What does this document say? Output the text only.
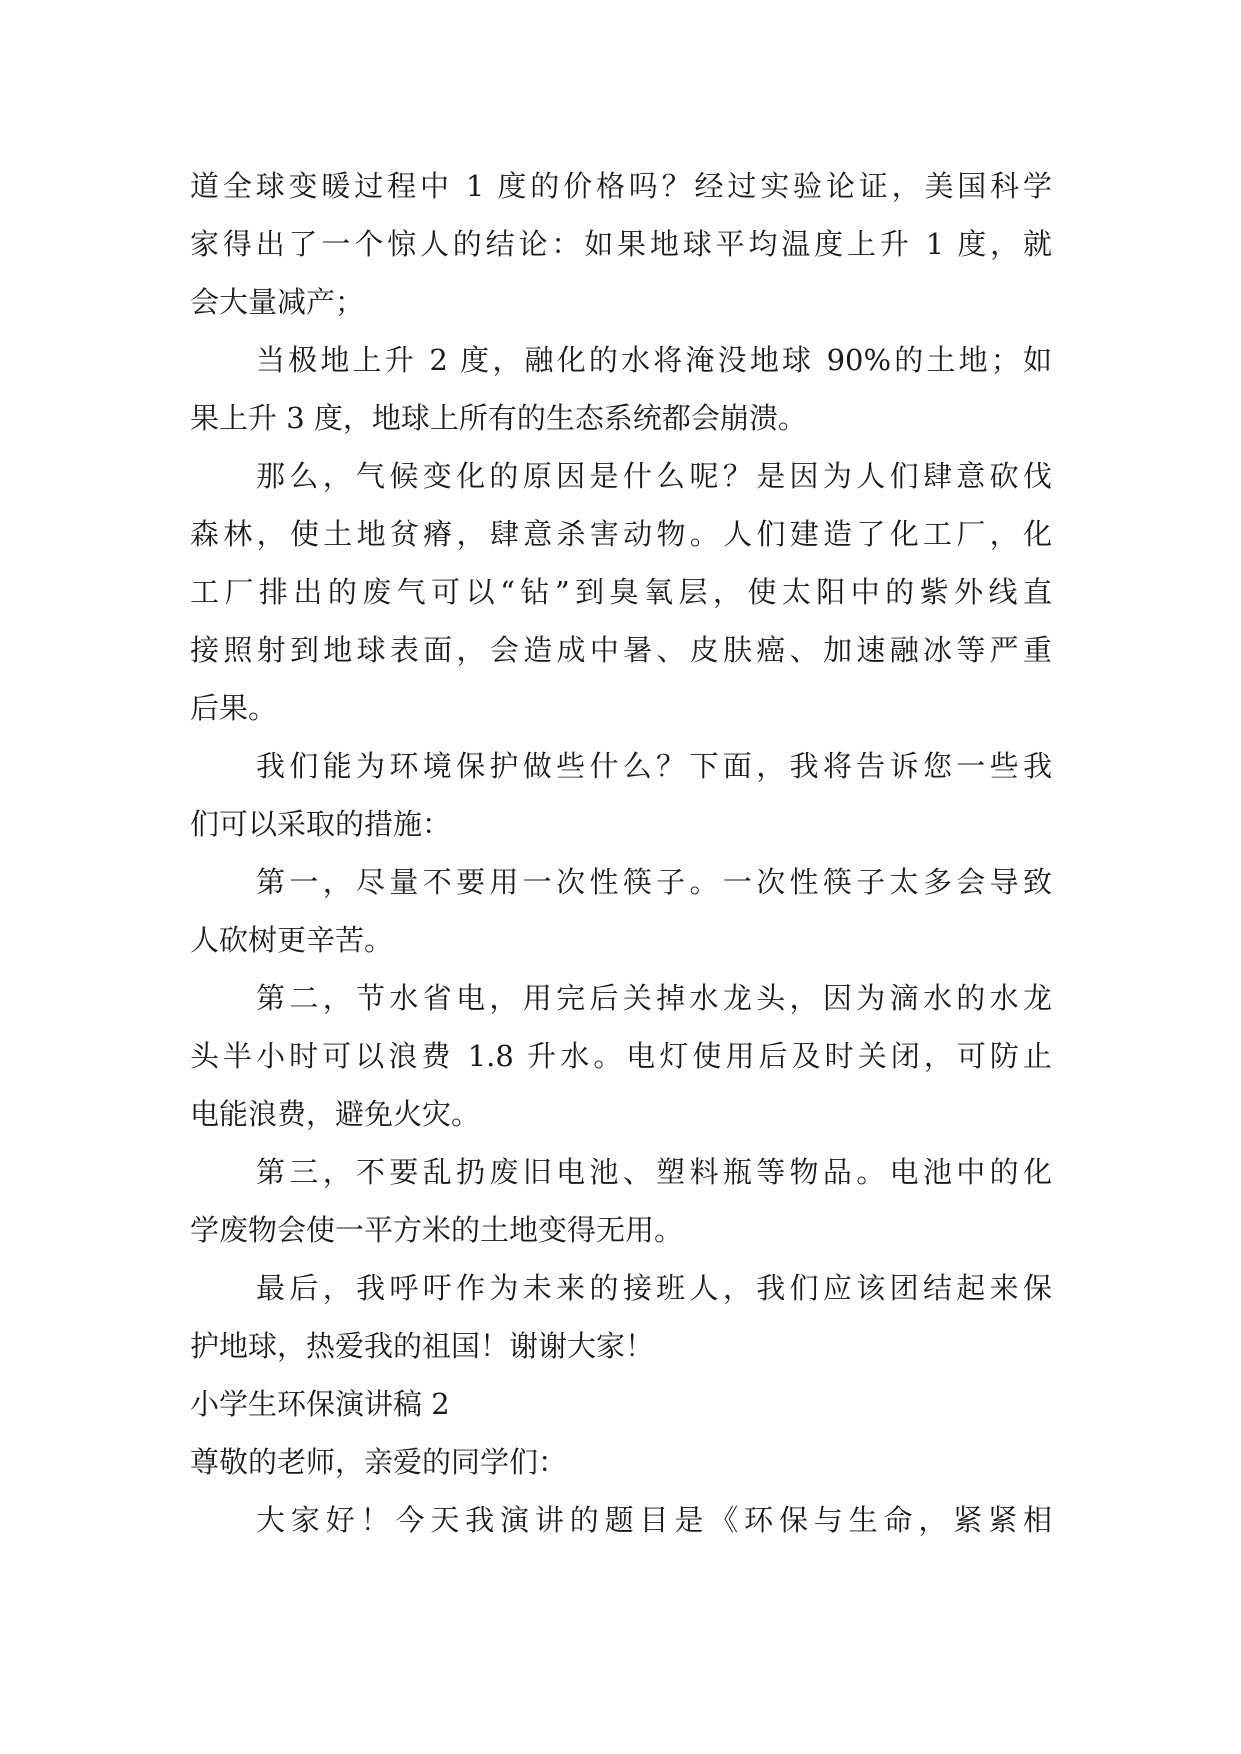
道全球变暖过程中 1 度的价格吗？经过实验论证，美国科学
家得出了一个惊人的结论：如果地球平均温度上升 1 度，就
会大量减产；
当极地上升 2 度，融化的水将淹没地球 90%的土地；如
果上升 3 度，地球上所有的生态系统都会崩溃。
那么，气候变化的原因是什么呢？是因为人们肆意砍伐
森林，使土地贫瘠，肆意杀害动物。人们建造了化工厂，化
工厂排出的废气可以“钻”到臭氧层，使太阳中的紫外线直
接照射到地球表面，会造成中暑、皮肤癌、加速融冰等严重
后果。
我们能为环境保护做些什么？下面，我将告诉您一些我
们可以采取的措施：
第一，尽量不要用一次性筷子。一次性筷子太多会导致
人砍树更辛苦。
第二，节水省电，用完后关掉水龙头，因为滴水的水龙
头半小时可以浪费 1.8 升水。电灯使用后及时关闭，可防止
电能浪费，避免火灾。
第三，不要乱扔废旧电池、塑料瓶等物品。电池中的化
学废物会使一平方米的土地变得无用。
最后，我呼吁作为未来的接班人，我们应该团结起来保
护地球，热爱我的祖国！谢谢大家！
小学生环保演讲稿 2
尊敬的老师，亲爱的同学们：
大家好！今天我演讲的题目是《环保与生命，紧紧相
